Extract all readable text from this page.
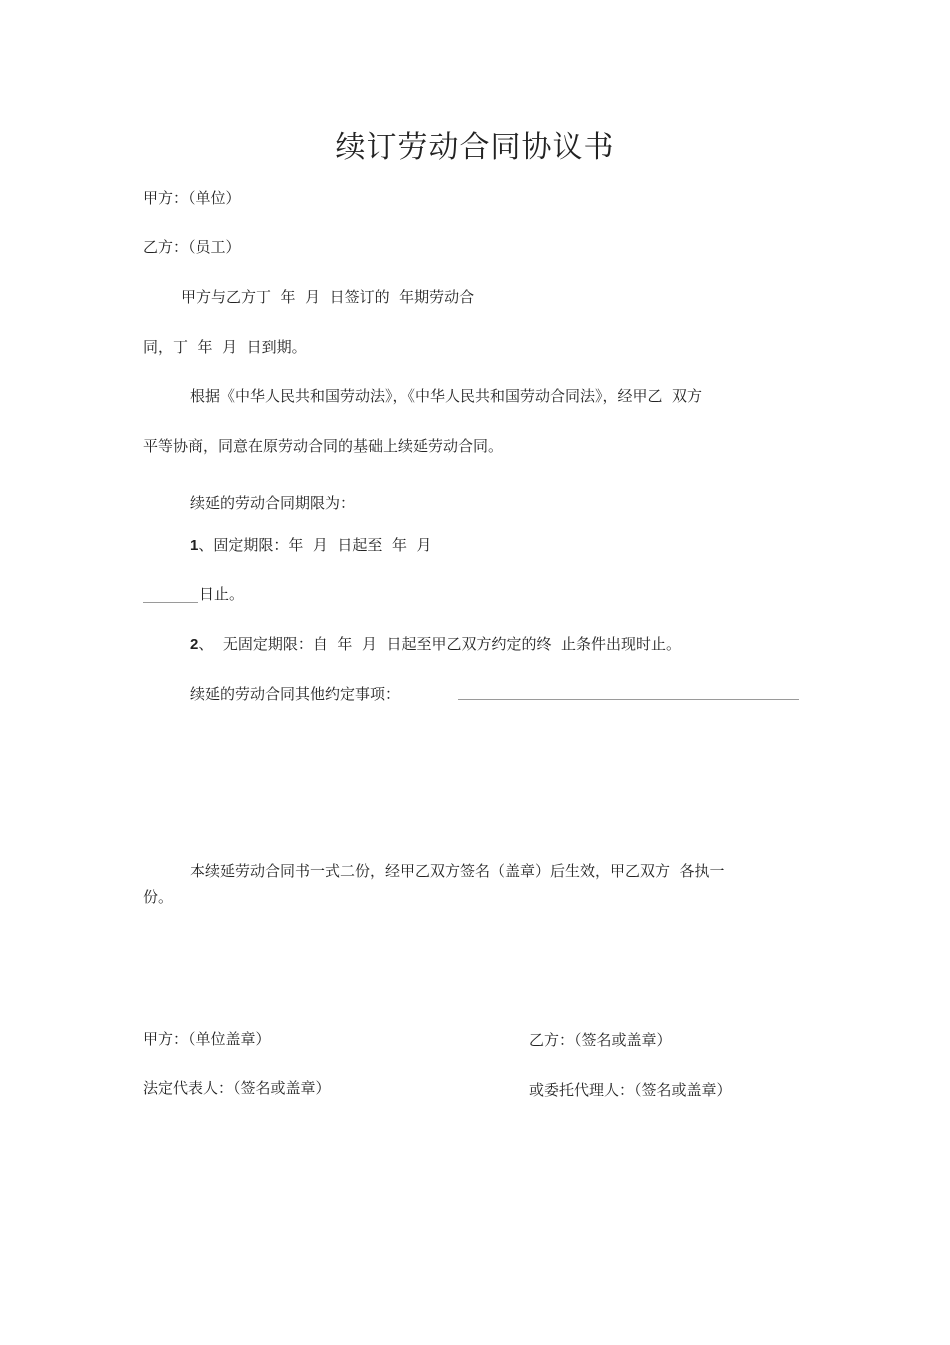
续订劳动合同协议书
甲方：（单位）
乙方：（员工）
甲方与乙方丁  年  月  日签订的  年期劳动合
同，丁  年  月  日到期。
根据《中华人民共和国劳动法》，《中华人民共和国劳动合同法》，经甲乙  双方
平等协商，同意在原劳动合同的基础上续延劳动合同。
续延的劳动合同期限为：
1、固定期限：年  月  日起至  年  月
日止。
2、  无固定期限：自  年  月  日起至甲乙双方约定的终  止条件出现时止。
续延的劳动合同其他约定事项：
本续延劳动合同书一式二份，经甲乙双方签名（盖章）后生效，甲乙双方  各执一
份。
甲方：（单位盖章）	乙方：（签名或盖章）
法定代表人：（签名或盖章）	或委托代理人：（签名或盖章）
